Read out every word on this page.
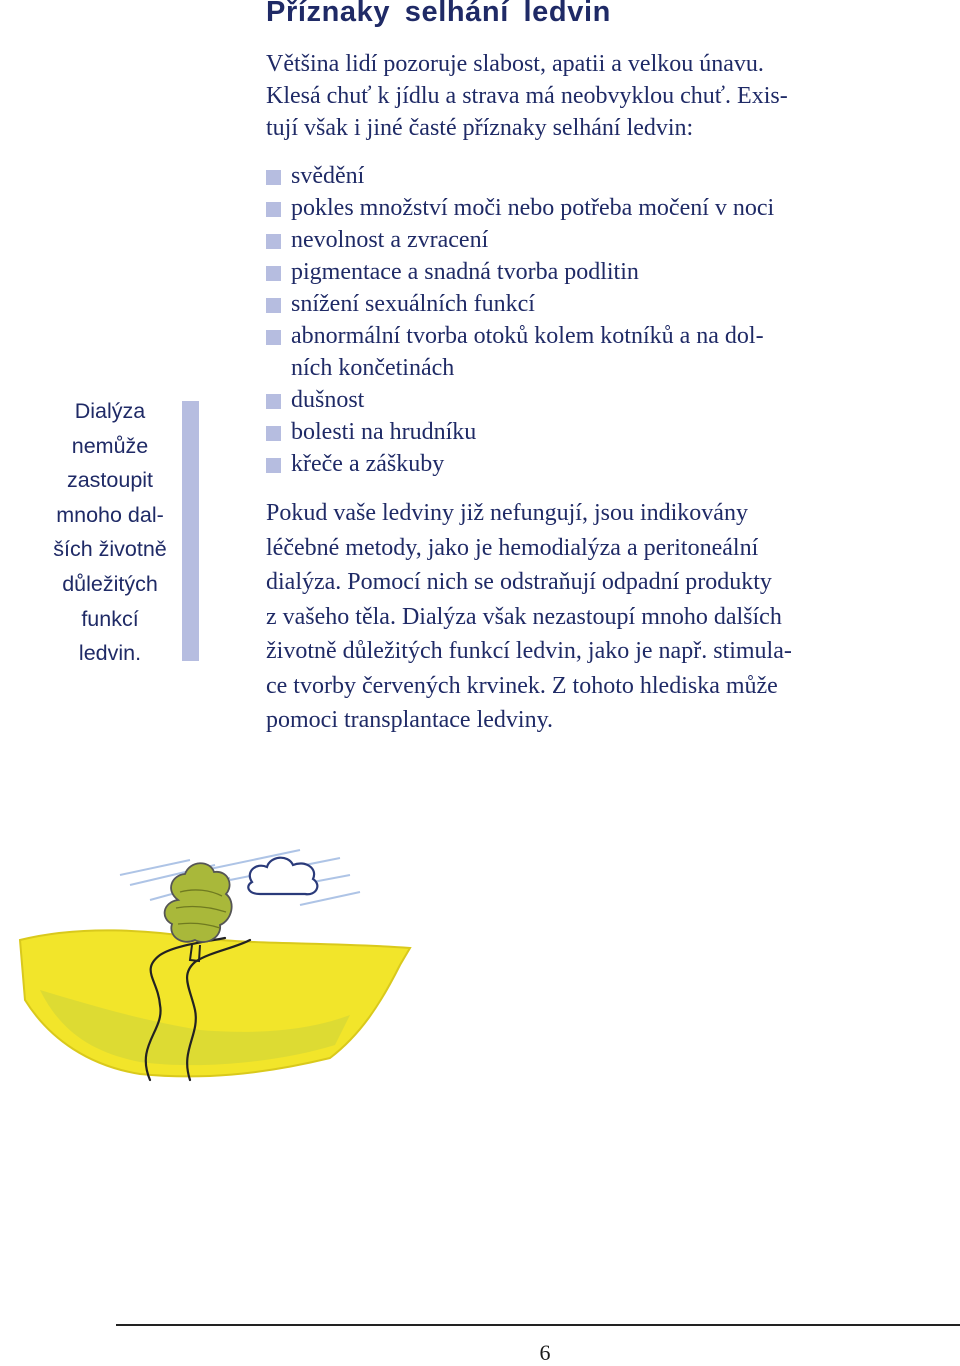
Příznaky selhání ledvin
Většina lidí pozoruje slabost, apatii a velkou únavu.
Klesá chuť k jídlu a strava má neobvyklou chuť. Exis-
tují však i jiné časté příznaky selhání ledvin:
svědění
pokles množství moči nebo potřeba močení v noci
nevolnost a zvracení
pigmentace a snadná tvorba podlitin
snížení sexuálních funkcí
abnormální tvorba otoků kolem kotníků a na dol-
ních končetinách
dušnost
bolesti na hrudníku
křeče a záškuby
Pokud vaše ledviny již nefungují, jsou indikovány
léčebné metody, jako je hemodialýza a peritoneální
dialýza. Pomocí nich se odstraňují odpadní produkty
z vašeho těla. Dialýza však nezastoupí mnoho dalších
životně důležitých funkcí ledvin, jako je např. stimula-
ce tvorby červených krvinek. Z tohoto hlediska může
pomoci transplantace ledviny.
Dialýza
nemůže
zastoupit
mnoho dal-
ších životně
důležitých
funkcí
ledvin.
6
